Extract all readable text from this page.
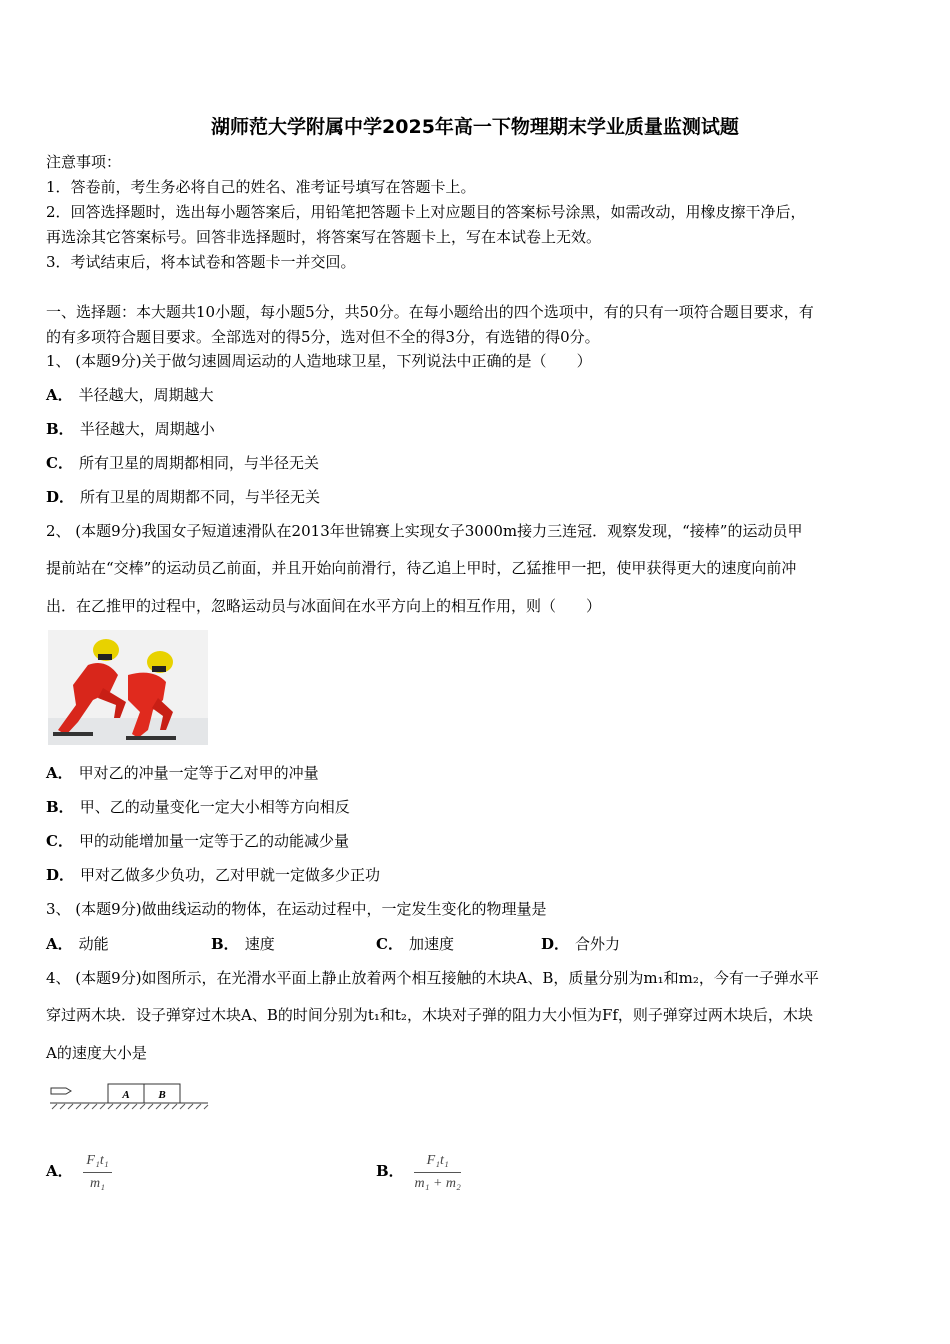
湖师范大学附属中学2025年高一下物理期末学业质量监测试题
注意事项：
1．答卷前，考生务必将自己的姓名、准考证号填写在答题卡上。
2．回答选择题时，选出每小题答案后，用铅笔把答题卡上对应题目的答案标号涂黑，如需改动，用橡皮擦干净后，
再选涂其它答案标号。回答非选择题时，将答案写在答题卡上，写在本试卷上无效。
3．考试结束后，将本试卷和答题卡一并交回。
一、选择题：本大题共10小题，每小题5分，共50分。在每小题给出的四个选项中，有的只有一项符合题目要求，有
的有多项符合题目要求。全部选对的得5分，选对但不全的得3分，有选错的得0分。
1、 (本题9分)关于做匀速圆周运动的人造地球卫星，下列说法中正确的是（　　）
A． 半径越大，周期越大
B． 半径越大，周期越小
C． 所有卫星的周期都相同，与半径无关
D． 所有卫星的周期都不同，与半径无关
2、 (本题9分)我国女子短道速滑队在2013年世锦赛上实现女子3000m接力三连冠．观察发现，“接棒”的运动员甲
提前站在“交棒”的运动员乙前面，并且开始向前滑行，待乙追上甲时，乙猛推甲一把，使甲获得更大的速度向前冲
出．在乙推甲的过程中，忽略运动员与冰面间在水平方向上的相互作用，则（　　）
A． 甲对乙的冲量一定等于乙对甲的冲量
B． 甲、乙的动量变化一定大小相等方向相反
C． 甲的动能增加量一定等于乙的动能减少量
D． 甲对乙做多少负功，乙对甲就一定做多少正功
3、 (本题9分)做曲线运动的物体，在运动过程中，一定发生变化的物理量是
A． 动能	B． 速度	C． 加速度	D． 合外力
4、 (本题9分)如图所示，在光滑水平面上静止放着两个相互接触的木块A、B，质量分别为m₁和m₂，今有一子弹水平
穿过两木块．设子弹穿过木块A、B的时间分别为t₁和t₂，木块对子弹的阻力大小恒为Ff，则子弹穿过两木块后，木块
A的速度大小是
A	B
A． $\frac{\text{F₁t₁}}{\text{m₁}}$	B． $\frac{\text{F₁t₁}}{\text{m₁ + m₂}}$
